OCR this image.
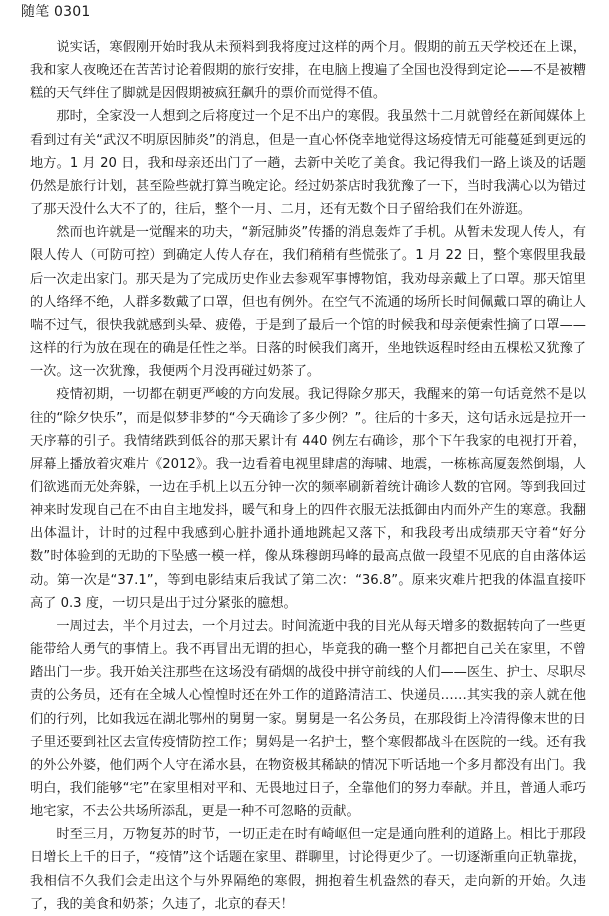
随笔 0301

说实话，寒假刚开始时我从未预料到我将度过这样的两个月。假期的前五天学校还在上课，我和家人夜晚还在苦苦讨论着假期的旅行安排，在电脑上搜遍了全国也没得到定论——不是被糟糕的天气绊住了脚就是因假期被疯狂飙升的票价而觉得不值。

那时，全家没一人想到之后将度过一个足不出户的寒假。我虽然十二月就曾经在新闻媒体上看到过有关“武汉不明原因肺炎”的消息，但是一直心怀侥幸地觉得这场疫情无可能蔓延到更远的地方。1 月 20 日，我和母亲还出门了一趟，去新中关吃了美食。我记得我们一路上谈及的话题仍然是旅行计划，甚至险些就打算当晚定论。经过奶茶店时我犹豫了一下，当时我满心以为错过了那天没什么大不了的，往后，整个一月、二月，还有无数个日子留给我们在外游逛。

然而也许就是一觉醒来的功夫，“新冠肺炎”传播的消息轰炸了手机。从暂未发现人传人，有限人传人（可防可控）到确定人传人存在，我们稍稍有些慌张了。1 月 22 日，整个寒假里我最后一次走出家门。那天是为了完成历史作业去参观军事博物馆，我劝母亲戴上了口罩。那天馆里的人络绎不绝，人群多数戴了口罩，但也有例外。在空气不流通的场所长时间佩戴口罩的确让人喘不过气，很快我就感到头晕、疲倦，于是到了最后一个馆的时候我和母亲便索性摘了口罩——这样的行为放在现在的确是任性之举。日落的时候我们离开，坐地铁返程时经由五棵松又犹豫了一次。这一次犹豫，我便两个月没再碰过奶茶了。

疫情初期，一切都在朝更严峻的方向发展。我记得除夕那天，我醒来的第一句话竟然不是以往的“除夕快乐”，而是似梦非梦的“今天确诊了多少例？”。往后的十多天，这句话永远是拉开一天序幕的引子。我情绪跌到低谷的那天累计有 440 例左右确诊，那个下午我家的电视打开着，屏幕上播放着灾难片《2012》。我一边看着电视里肆虐的海啸、地震，一栋栋高厦轰然倒塌，人们欲逃而无处奔躲，一边在手机上以五分钟一次的频率刷新着统计确诊人数的官网。等到我回过神来时发现自己在不由自主地发抖，暖气和身上的四件衣服无法抵御由内而外产生的寒意。我翻出体温计，计时的过程中我感到心脏扑通扑通地跳起又落下，和我段考出成绩那天守着“好分数”时体验到的无助的下坠感一模一样，像从珠穆朗玛峰的最高点做一段望不见底的自由落体运动。第一次是“37.1”，等到电影结束后我试了第二次：“36.8”。原来灾难片把我的体温直接吓高了 0.3 度，一切只是出于过分紧张的臆想。

一周过去，半个月过去，一个月过去。时间流逝中我的目光从每天增多的数据转向了一些更能带给人勇气的事情上。我不再冒出无谓的担心，毕竟我的确一整个月都把自己关在家里，不曾踏出门一步。我开始关注那些在这场没有硝烟的战役中拼守前线的人们——医生、护士、尽职尽责的公务员，还有在全城人心惶惶时还在外工作的道路清洁工、快递员……其实我的亲人就在他们的行列，比如我远在湖北鄂州的舅舅一家。舅舅是一名公务员，在那段街上冷清得像末世的日子里还要到社区去宣传疫情防控工作；舅妈是一名护士，整个寒假都战斗在医院的一线。还有我的外公外婆，他们两个人守在浠水县，在物资极其稀缺的情况下听话地一个多月都没有出门。我明白，我们能够“宅”在家里相对平和、无畏地过日子，全靠他们的努力奉献。并且，普通人乖巧地宅家，不去公共场所添乱，更是一种不可忽略的贡献。

时至三月，万物复苏的时节，一切正走在时有崎岖但一定是通向胜利的道路上。相比于那段日增长上千的日子，“疫情”这个话题在家里、群聊里，讨论得更少了。一切逐渐重向正轨靠拢，我相信不久我们会走出这个与外界隔绝的寒假，拥抱着生机盎然的春天，走向新的开始。久违了，我的美食和奶茶；久违了，北京的春天！
